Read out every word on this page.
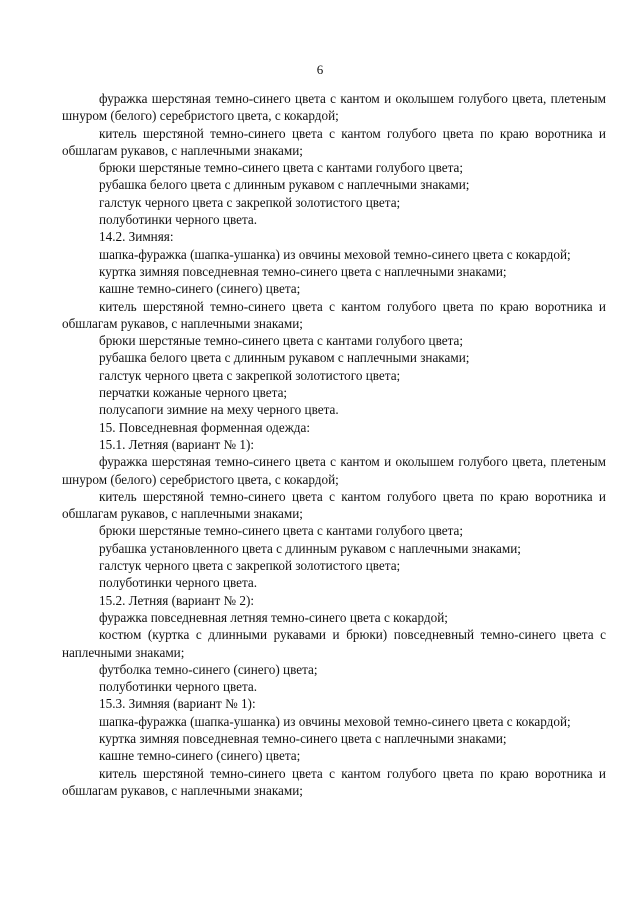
6

фуражка шерстяная темно-синего цвета с кантом и околышем голубого цвета, плетеным шнуром (белого) серебристого цвета, с кокардой;

китель шерстяной темно-синего цвета с кантом голубого цвета по краю воротника и обшлагам рукавов, с наплечными знаками;

брюки шерстяные темно-синего цвета с кантами голубого цвета;

рубашка белого цвета с длинным рукавом с наплечными знаками;

галстук черного цвета с закрепкой золотистого цвета;

полуботинки черного цвета.

14.2. Зимняя:

шапка-фуражка (шапка-ушанка) из овчины меховой темно-синего цвета с кокардой;

куртка зимняя повседневная темно-синего цвета с наплечными знаками;

кашне темно-синего (синего) цвета;

китель шерстяной темно-синего цвета с кантом голубого цвета по краю воротника и обшлагам рукавов, с наплечными знаками;

брюки шерстяные темно-синего цвета с кантами голубого цвета;

рубашка белого цвета с длинным рукавом с наплечными знаками;

галстук черного цвета с закрепкой золотистого цвета;

перчатки кожаные черного цвета;

полусапоги зимние на меху черного цвета.

15. Повседневная форменная одежда:

15.1. Летняя (вариант № 1):

фуражка шерстяная темно-синего цвета с кантом и околышем голубого цвета, плетеным шнуром (белого) серебристого цвета, с кокардой;

китель шерстяной темно-синего цвета с кантом голубого цвета по краю воротника и обшлагам рукавов, с наплечными знаками;

брюки шерстяные темно-синего цвета с кантами голубого цвета;

рубашка установленного цвета с длинным рукавом с наплечными знаками;

галстук черного цвета с закрепкой золотистого цвета;

полуботинки черного цвета.

15.2. Летняя (вариант № 2):

фуражка повседневная летняя темно-синего цвета с кокардой;

костюм (куртка с длинными рукавами и брюки) повседневный темно-синего цвета с наплечными знаками;

футболка темно-синего (синего) цвета;

полуботинки черного цвета.

15.3. Зимняя (вариант № 1):

шапка-фуражка (шапка-ушанка) из овчины меховой темно-синего цвета с кокардой;

куртка зимняя повседневная темно-синего цвета с наплечными знаками;

кашне темно-синего (синего) цвета;

китель шерстяной темно-синего цвета с кантом голубого цвета по краю воротника и обшлагам рукавов, с наплечными знаками;
